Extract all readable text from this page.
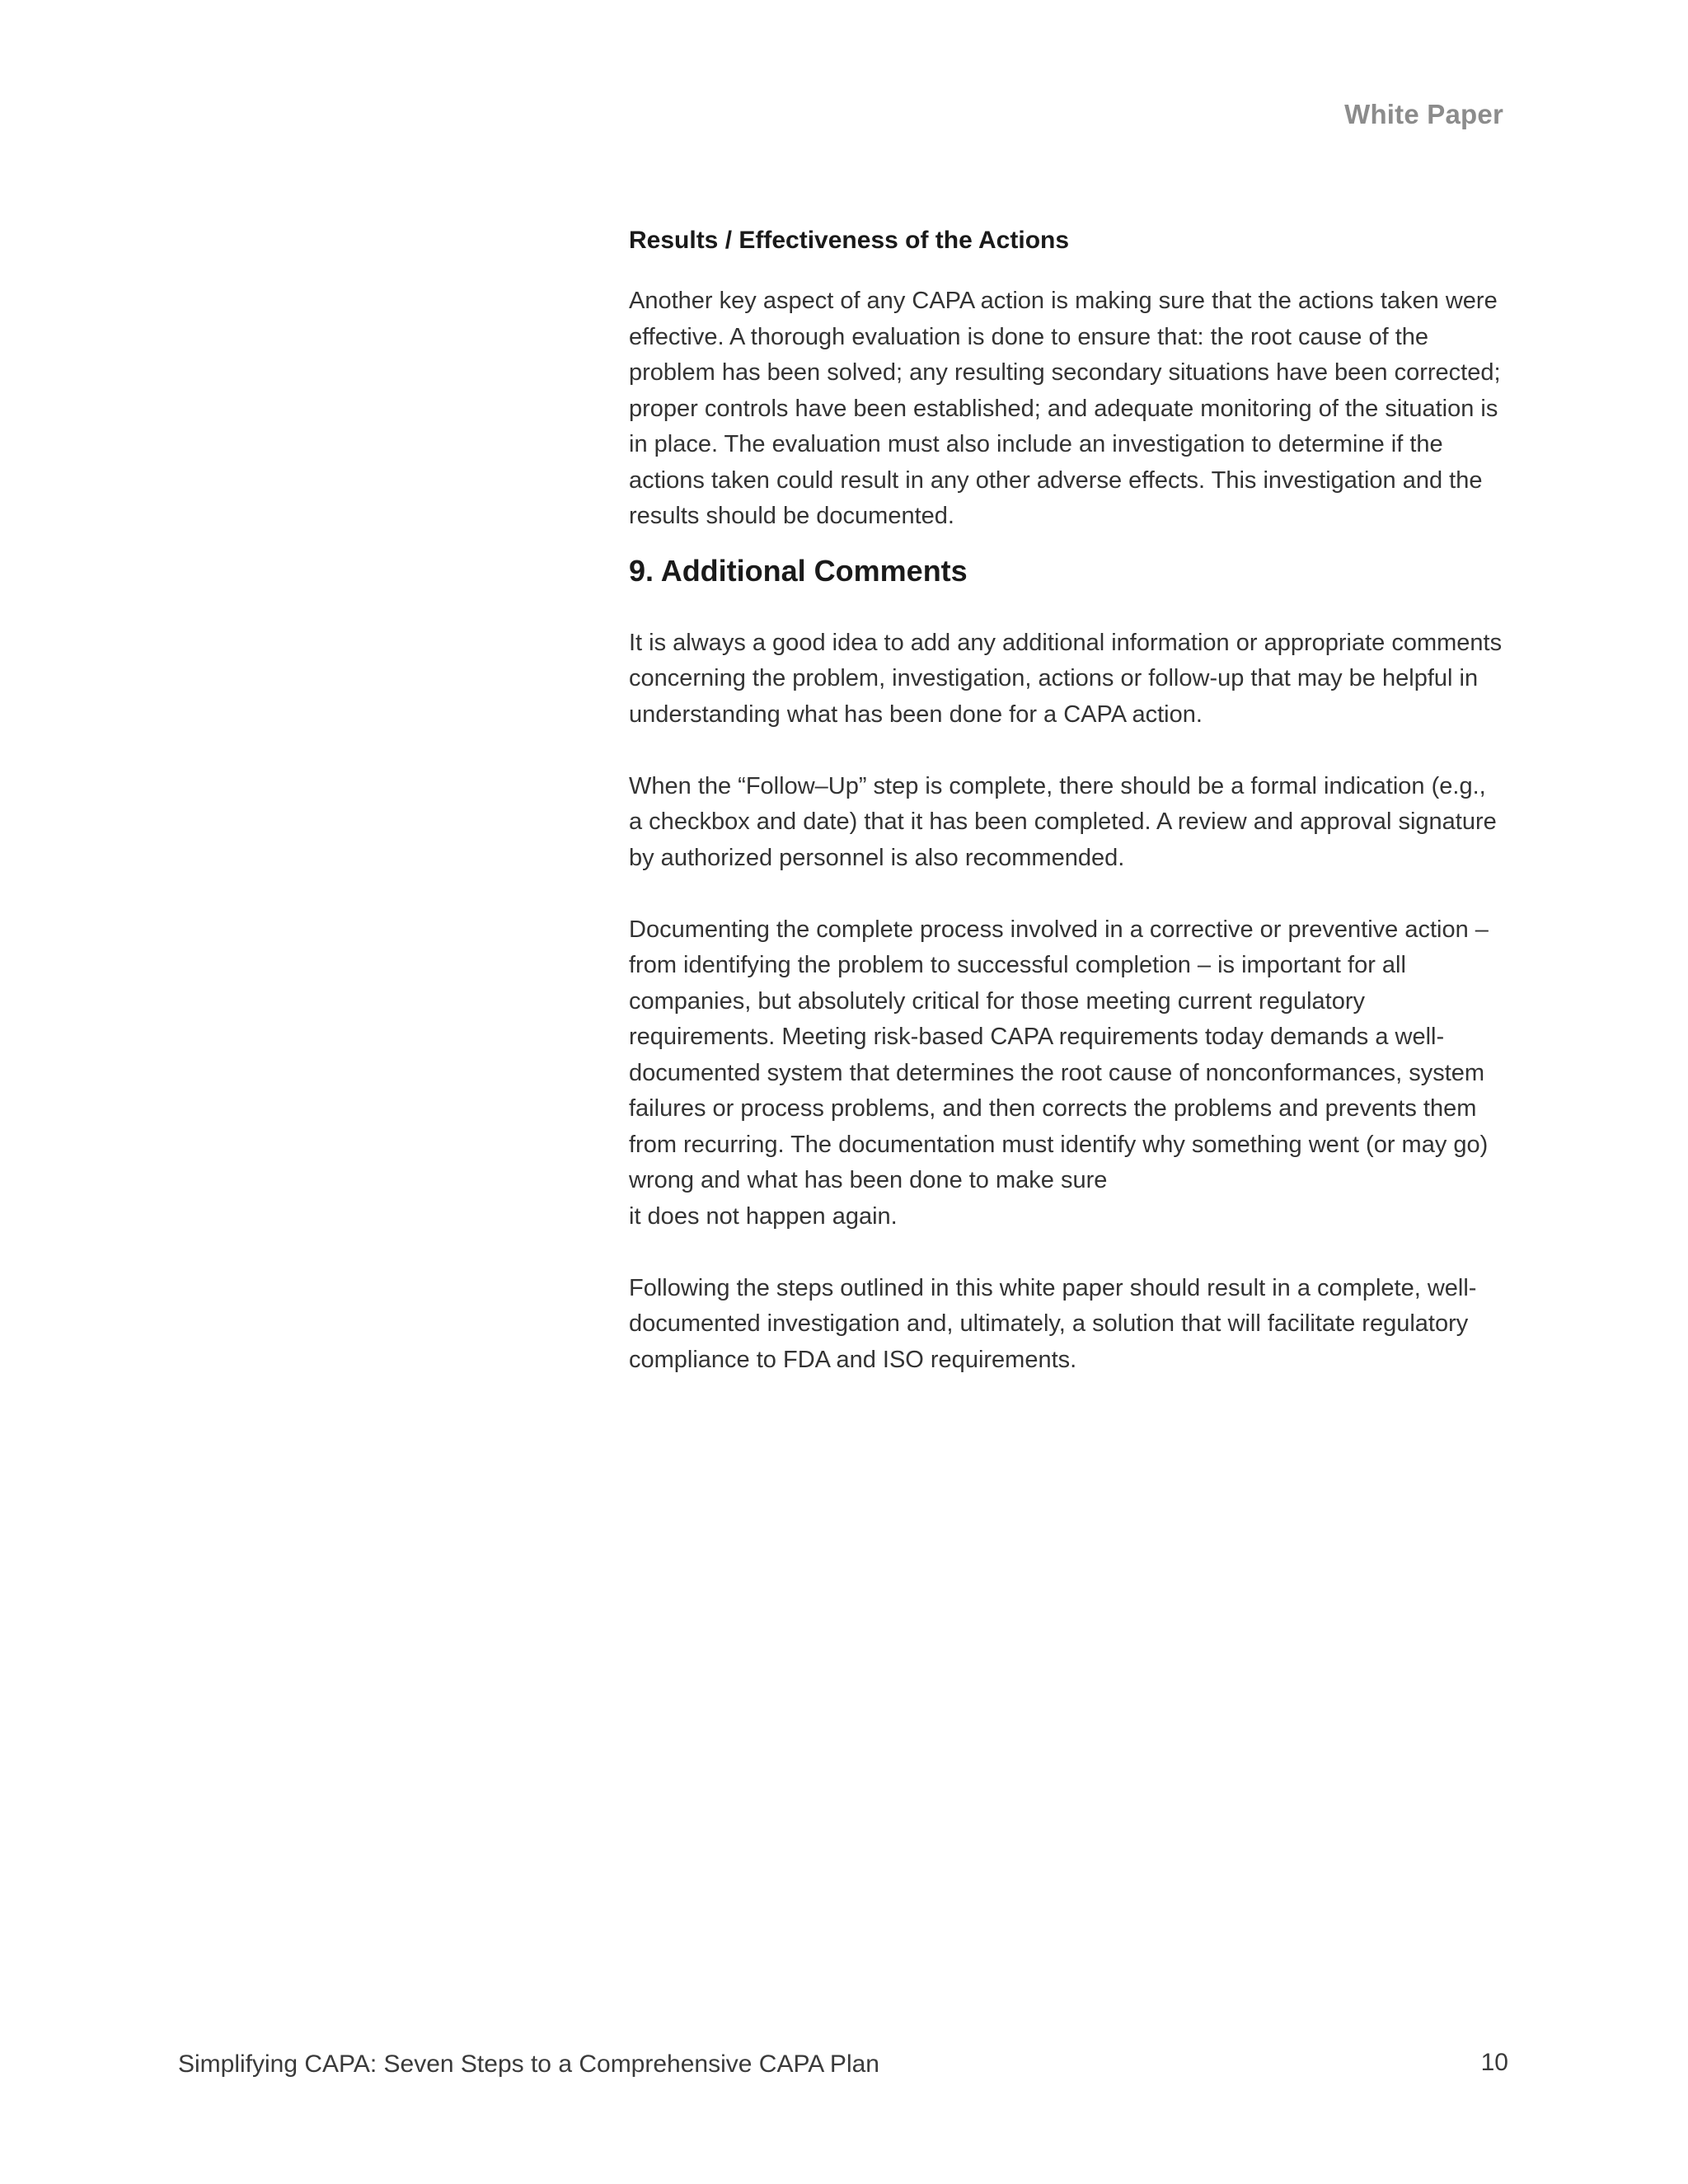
White Paper
Results / Effectiveness of the Actions

Another key aspect of any CAPA action is making sure that the actions taken were effective. A thorough evaluation is done to ensure that: the root cause of the problem has been solved; any resulting secondary situations have been corrected; proper controls have been established; and adequate monitoring of the situation is in place. The evaluation must also include an investigation to determine if the actions taken could result in any other adverse effects. This investigation and the results should be documented.

9. Additional Comments

It is always a good idea to add any additional information or appropriate comments concerning the problem, investigation, actions or follow-up that may be helpful in understanding what has been done for a CAPA action.

When the “Follow–Up” step is complete, there should be a formal indication (e.g., a checkbox and date) that it has been completed. A review and approval signature by authorized personnel is also recommended.

Documenting the complete process involved in a corrective or preventive action – from identifying the problem to successful completion – is important for all companies, but absolutely critical for those meeting current regulatory requirements. Meeting risk-based CAPA requirements today demands a well-documented system that determines the root cause of nonconformances, system failures or process problems, and then corrects the problems and prevents them from recurring. The documentation must identify why something went (or may go) wrong and what has been done to make sure
it does not happen again.

Following the steps outlined in this white paper should result in a complete, well-documented investigation and, ultimately, a solution that will facilitate regulatory compliance to FDA and ISO requirements.

Simplifying CAPA: Seven Steps to a Comprehensive CAPA Plan	10
